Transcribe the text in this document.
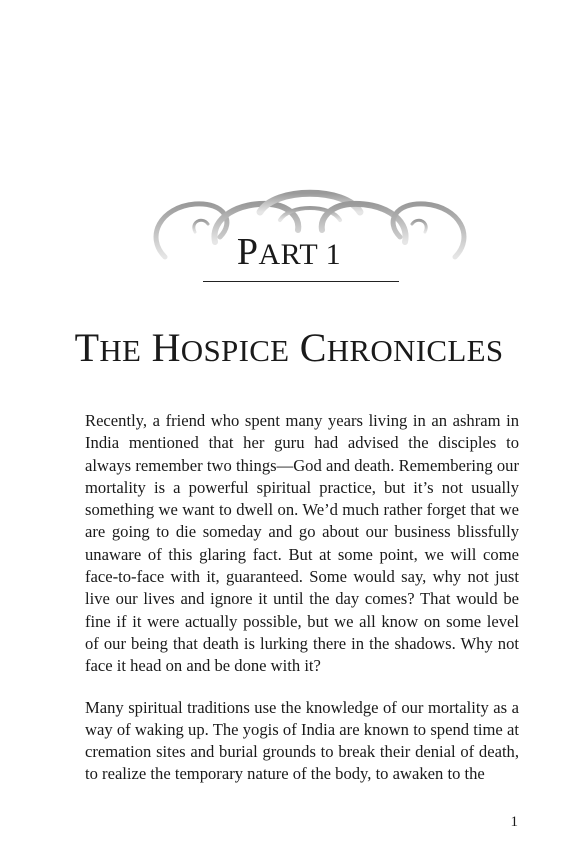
PART 1
THE HOSPICE CHRONICLES

Recently, a friend who spent many years living in an ashram in India mentioned that her guru had advised the disciples to always remember two things—God and death. Remembering our mortality is a powerful spiritual practice, but it’s not usually something we want to dwell on. We’d much rather forget that we are going to die someday and go about our business blissfully unaware of this glaring fact. But at some point, we will come face-to-face with it, guaranteed. Some would say, why not just live our lives and ignore it until the day comes? That would be fine if it were actually possible, but we all know on some level of our being that death is lurking there in the shadows. Why not face it head on and be done with it?

Many spiritual traditions use the knowledge of our mortality as a way of waking up. The yogis of India are known to spend time at cremation sites and burial grounds to break their denial of death, to realize the temporary nature of the body, to awaken to the

1
